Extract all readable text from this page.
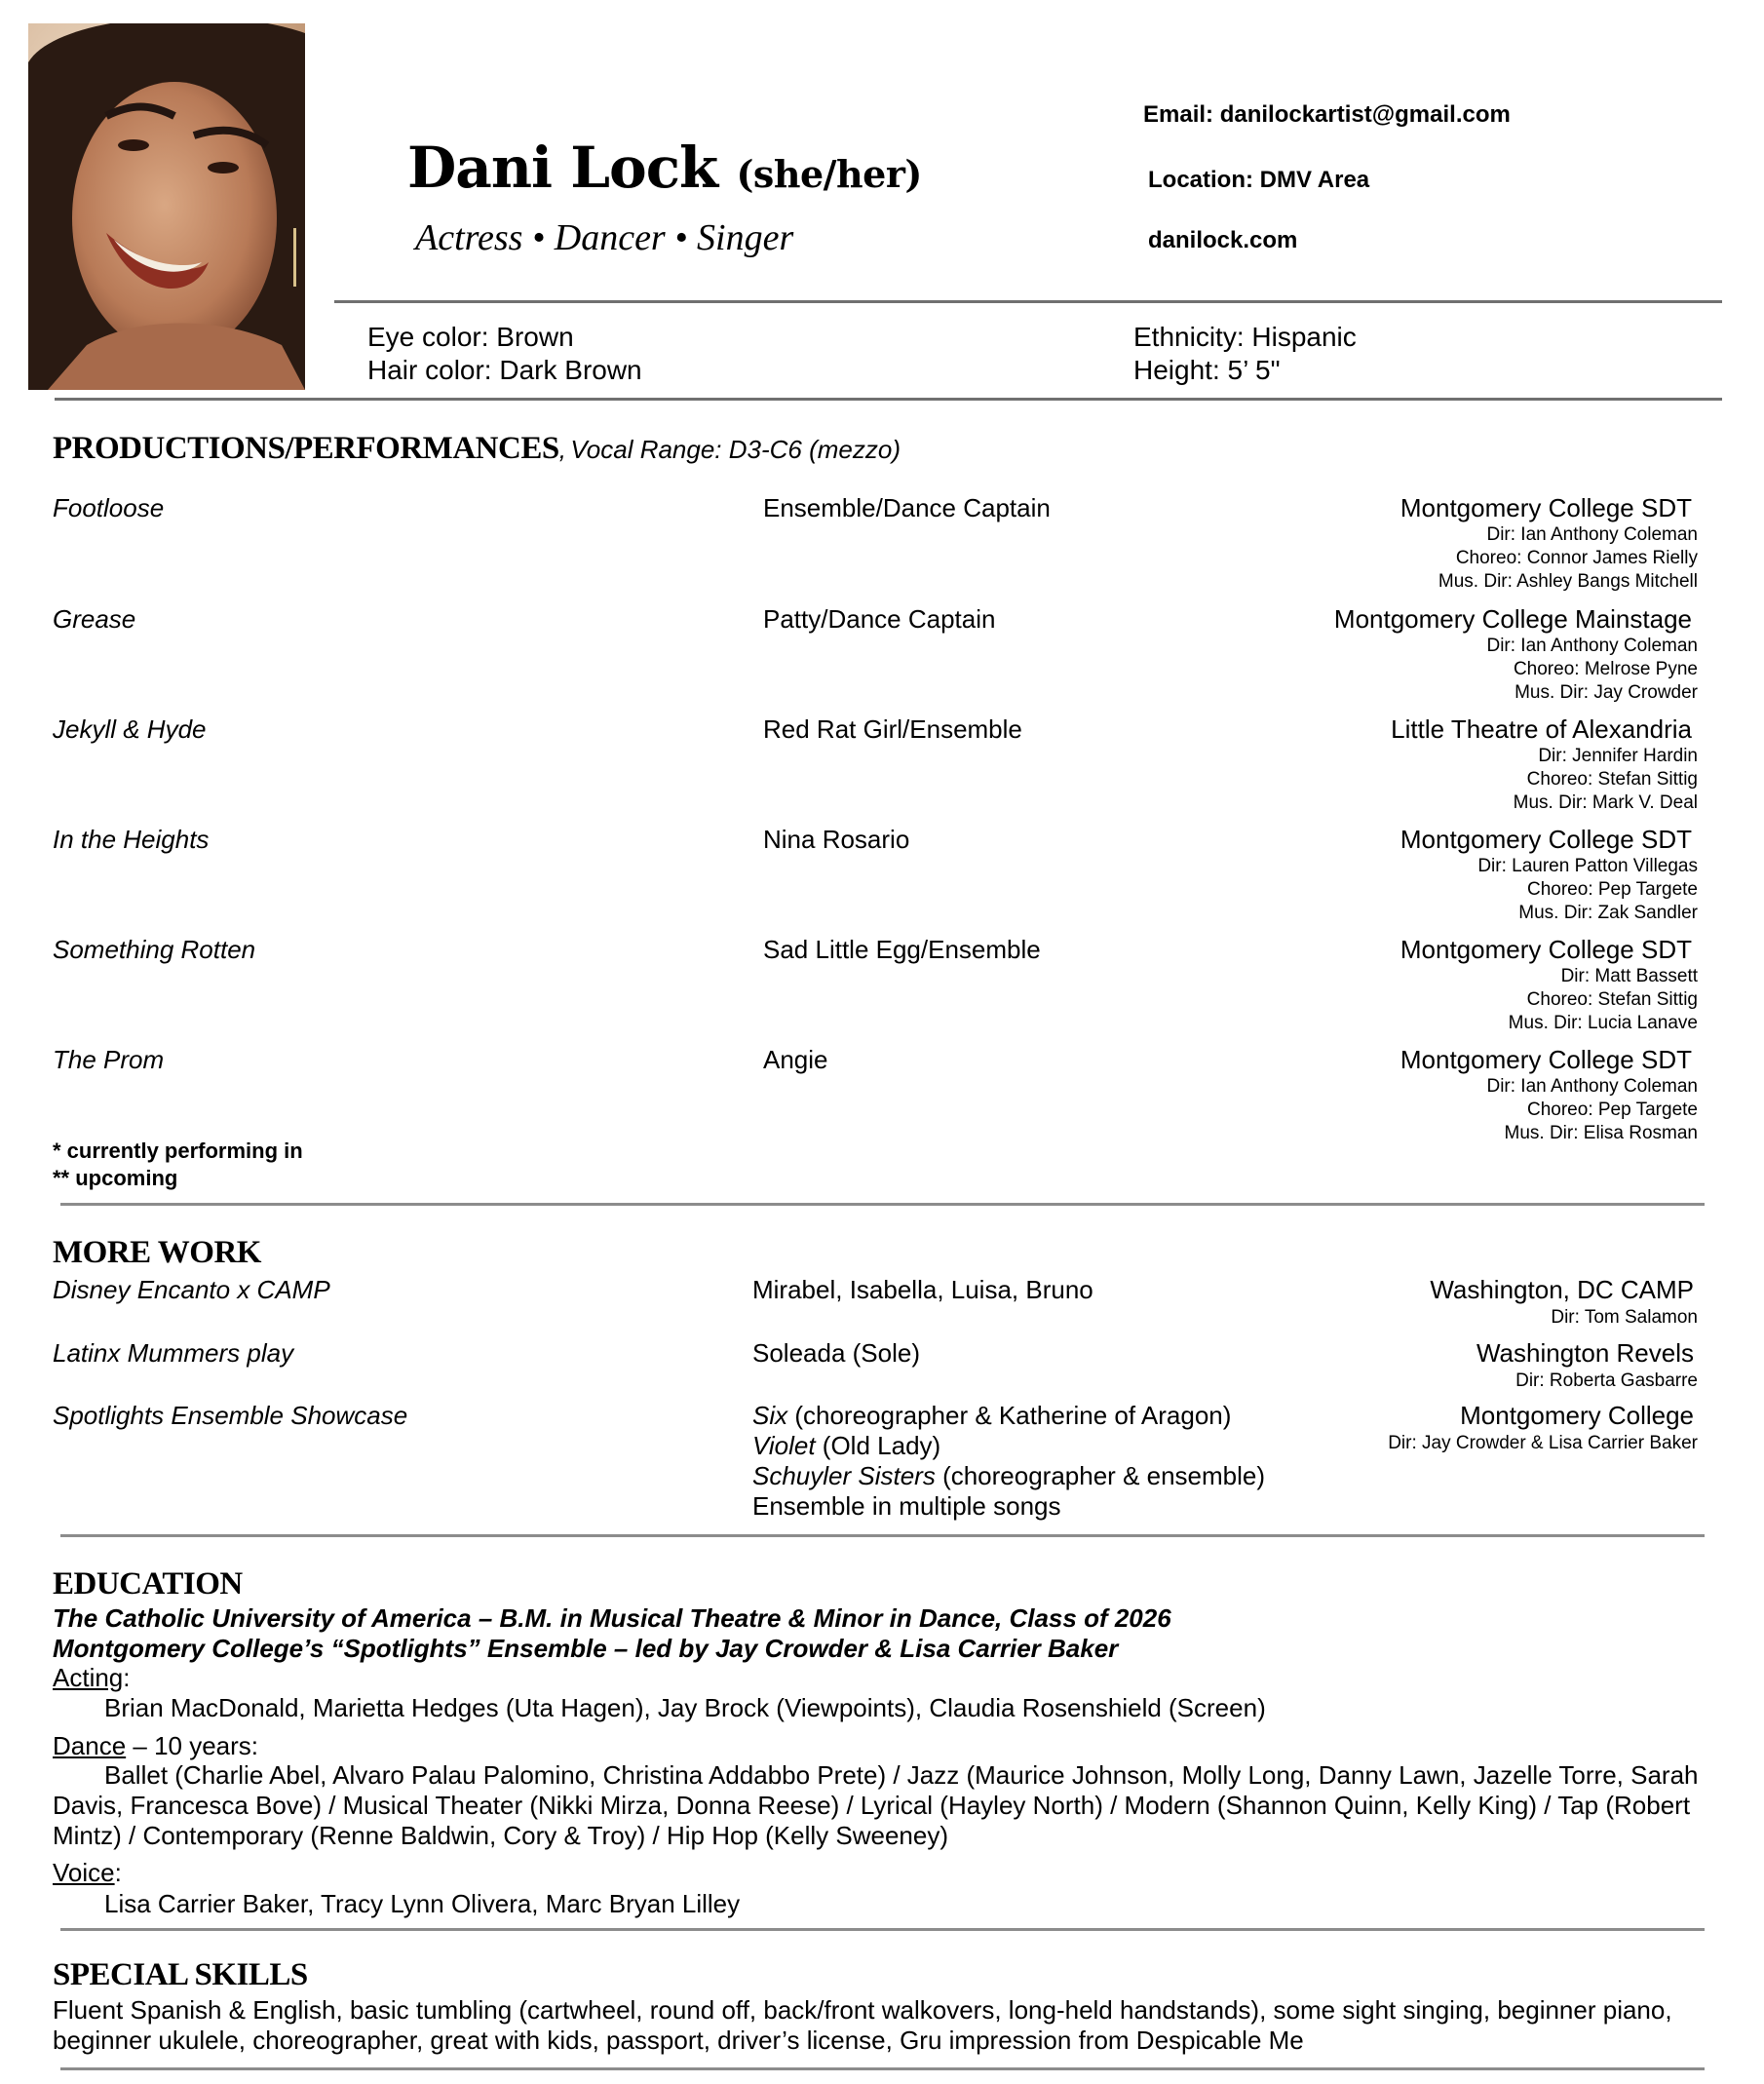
Dani Lock (she/her)
Actress • Dancer • Singer
Email: danilockartist@gmail.com
Location: DMV Area
danilock.com
Eye color: Brown
Hair color: Dark Brown
Ethnicity: Hispanic
Height: 5’ 5"
PRODUCTIONS/PERFORMANCES, Vocal Range: D3-C6 (mezzo)
Footloose	Ensemble/Dance Captain	Montgomery College SDT
Dir: Ian Anthony Coleman
Choreo: Connor James Rielly
Mus. Dir: Ashley Bangs Mitchell
Grease	Patty/Dance Captain	Montgomery College Mainstage
Dir: Ian Anthony Coleman
Choreo: Melrose Pyne
Mus. Dir: Jay Crowder
Jekyll & Hyde	Red Rat Girl/Ensemble	Little Theatre of Alexandria
Dir: Jennifer Hardin
Choreo: Stefan Sittig
Mus. Dir: Mark V. Deal
In the Heights	Nina Rosario	Montgomery College SDT
Dir: Lauren Patton Villegas
Choreo: Pep Targete
Mus. Dir: Zak Sandler
Something Rotten	Sad Little Egg/Ensemble	Montgomery College SDT
Dir: Matt Bassett
Choreo: Stefan Sittig
Mus. Dir: Lucia Lanave
The Prom	Angie	Montgomery College SDT
Dir: Ian Anthony Coleman
Choreo: Pep Targete
Mus. Dir: Elisa Rosman
* currently performing in
** upcoming
MORE WORK
Disney Encanto x CAMP	Mirabel, Isabella, Luisa, Bruno	Washington, DC CAMP
Dir: Tom Salamon
Latinx Mummers play	Soleada (Sole)	Washington Revels
Dir: Roberta Gasbarre
Spotlights Ensemble Showcase	Six (choreographer & Katherine of Aragon)
Violet (Old Lady)
Schuyler Sisters (choreographer & ensemble)
Ensemble in multiple songs
Montgomery College
Dir: Jay Crowder & Lisa Carrier Baker
EDUCATION
The Catholic University of America – B.M. in Musical Theatre & Minor in Dance, Class of 2026
Montgomery College’s “Spotlights” Ensemble – led by Jay Crowder & Lisa Carrier Baker
Acting:
Brian MacDonald, Marietta Hedges (Uta Hagen), Jay Brock (Viewpoints), Claudia Rosenshield (Screen)
Dance – 10 years:
Ballet (Charlie Abel, Alvaro Palau Palomino, Christina Addabbo Prete) / Jazz (Maurice Johnson, Molly Long, Danny Lawn, Jazelle Torre, Sarah Davis, Francesca Bove) / Musical Theater (Nikki Mirza, Donna Reese) / Lyrical (Hayley North) / Modern (Shannon Quinn, Kelly King) / Tap (Robert Mintz) / Contemporary (Renne Baldwin, Cory & Troy) / Hip Hop (Kelly Sweeney)
Voice:
Lisa Carrier Baker, Tracy Lynn Olivera, Marc Bryan Lilley
SPECIAL SKILLS
Fluent Spanish & English, basic tumbling (cartwheel, round off, back/front walkovers, long-held handstands), some sight singing, beginner piano, beginner ukulele, choreographer, great with kids, passport, driver’s license, Gru impression from Despicable Me
